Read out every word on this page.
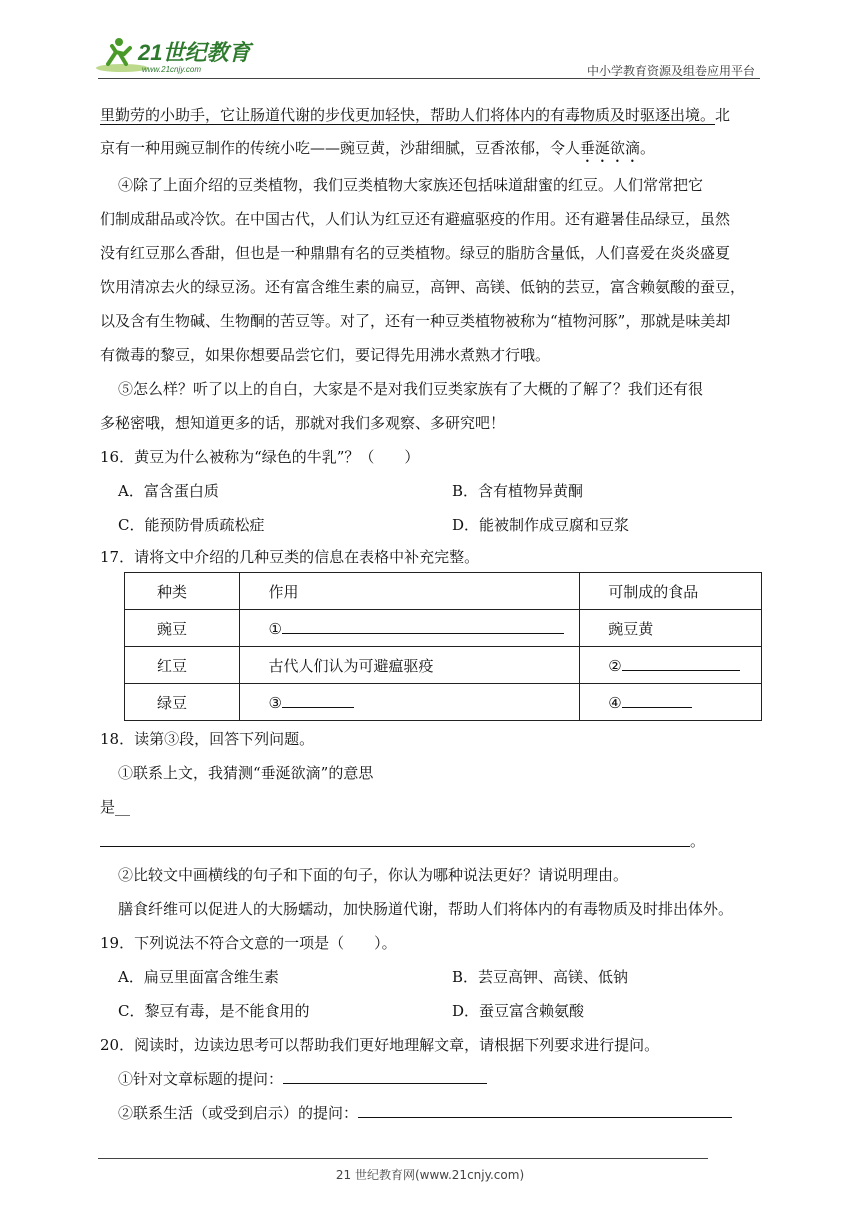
21世纪教育
www.21cnjy.com	中小学教育资源及组卷应用平台
里勤劳的小助手，它让肠道代谢的步伐更加轻快，帮助人们将体内的有毒物质及时驱逐出境。北
京有一种用豌豆制作的传统小吃——豌豆黄，沙甜细腻，豆香浓郁，令人垂涎欲滴。
④除了上面介绍的豆类植物，我们豆类植物大家族还包括味道甜蜜的红豆。人们常常把它
们制成甜品或冷饮。在中国古代，人们认为红豆还有避瘟驱疫的作用。还有避暑佳品绿豆，虽然
没有红豆那么香甜，但也是一种鼎鼎有名的豆类植物。绿豆的脂肪含量低，人们喜爱在炎炎盛夏
饮用清凉去火的绿豆汤。还有富含维生素的扁豆，高钾、高镁、低钠的芸豆，富含赖氨酸的蚕豆，
以及含有生物碱、生物酮的苦豆等。对了，还有一种豆类植物被称为“植物河豚”，那就是味美却
有微毒的黎豆，如果你想要品尝它们，要记得先用沸水煮熟才行哦。
⑤怎么样？听了以上的自白，大家是不是对我们豆类家族有了大概的了解了？我们还有很
多秘密哦，想知道更多的话，那就对我们多观察、多研究吧！
16．黄豆为什么被称为“绿色的牛乳”？（　　）
A．富含蛋白质	B．含有植物异黄酮
C．能预防骨质疏松症	D．能被制作成豆腐和豆浆
17．请将文中介绍的几种豆类的信息在表格中补充完整。
种类	作用	可制成的食品
豌豆	①	豌豆黄
红豆	古代人们认为可避瘟驱疫	②
绿豆	③	④
18．读第③段，回答下列问题。
①联系上文，我猜测“垂涎欲滴”的意思
是__
。
②比较文中画横线的句子和下面的句子，你认为哪种说法更好？请说明理由。
膳食纤维可以促进人的大肠蠕动，加快肠道代谢，帮助人们将体内的有毒物质及时排出体外。
19．下列说法不符合文意的一项是（　　）。
A．扁豆里面富含维生素	B．芸豆高钾、高镁、低钠
C．黎豆有毒，是不能食用的	D．蚕豆富含赖氨酸
20．阅读时，边读边思考可以帮助我们更好地理解文章，请根据下列要求进行提问。
①针对文章标题的提问：
②联系生活（或受到启示）的提问：
21 世纪教育网(www.21cnjy.com)
